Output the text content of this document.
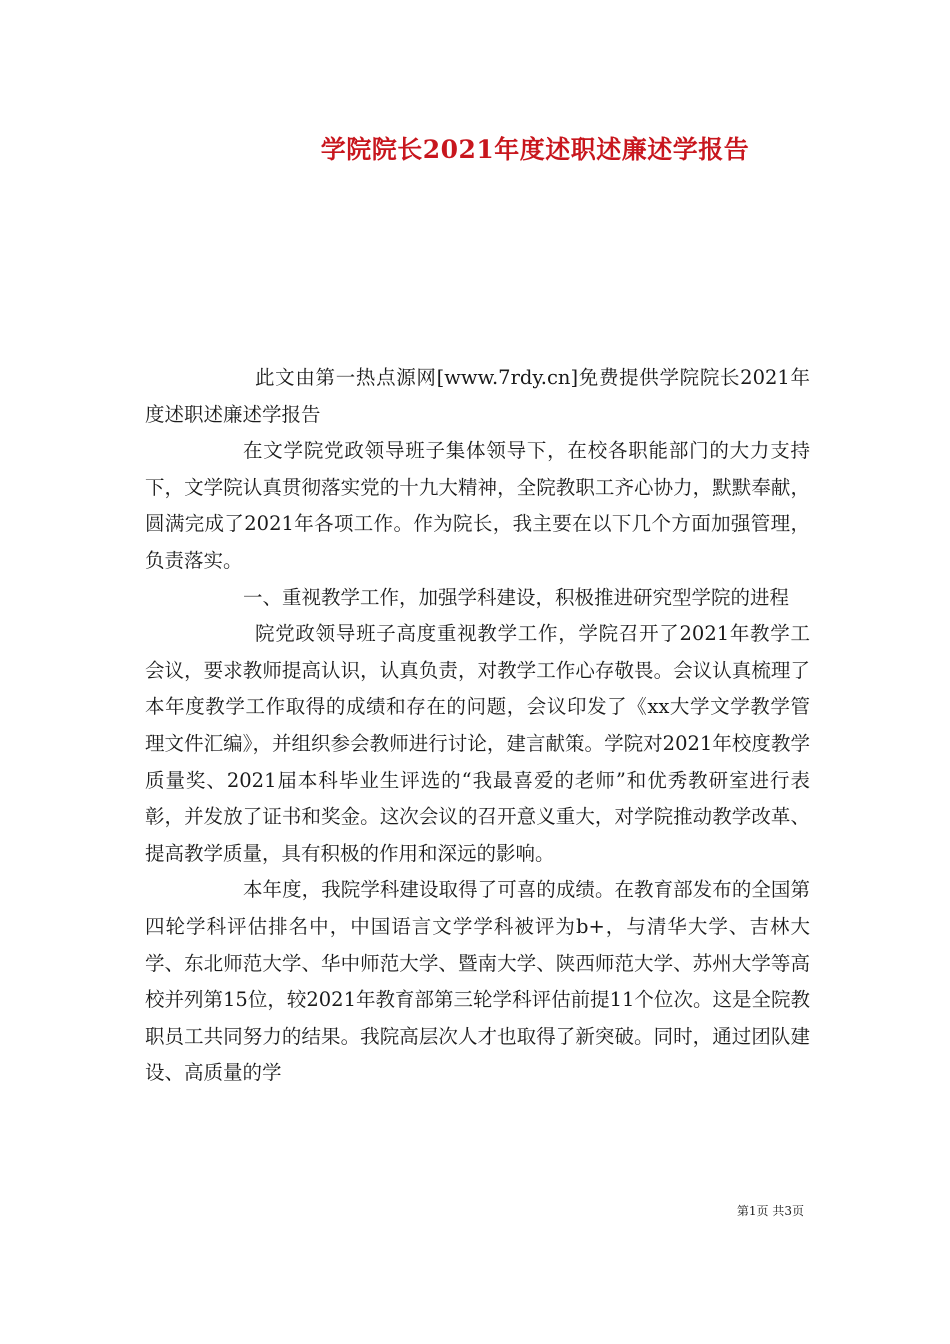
学院院长2021年度述职述廉述学报告

此文由第一热点源网[www.7rdy.cn]免费提供学院院长2021年度述职述廉述学报告

在文学院党政领导班子集体领导下，在校各职能部门的大力支持下，文学院认真贯彻落实党的十九大精神，全院教职工齐心协力，默默奉献，圆满完成了2021年各项工作。作为院长，我主要在以下几个方面加强管理，负责落实。

一、重视教学工作，加强学科建设，积极推进研究型学院的进程

院党政领导班子高度重视教学工作，学院召开了2021年教学工会议，要求教师提高认识，认真负责，对教学工作心存敬畏。会议认真梳理了本年度教学工作取得的成绩和存在的问题，会议印发了《xx大学文学教学管理文件汇编》，并组织参会教师进行讨论，建言献策。学院对2021年校度教学质量奖、2021届本科毕业生评选的“我最喜爱的老师”和优秀教研室进行表彰，并发放了证书和奖金。这次会议的召开意义重大，对学院推动教学改革、提高教学质量，具有积极的作用和深远的影响。

本年度，我院学科建设取得了可喜的成绩。在教育部发布的全国第四轮学科评估排名中，中国语言文学学科被评为b+，与清华大学、吉林大学、东北师范大学、华中师范大学、暨南大学、陕西师范大学、苏州大学等高校并列第15位，较2021年教育部第三轮学科评估前提11个位次。这是全院教职员工共同努力的结果。我院高层次人才也取得了新突破。同时，通过团队建设、高质量的学

第1页 共3页
